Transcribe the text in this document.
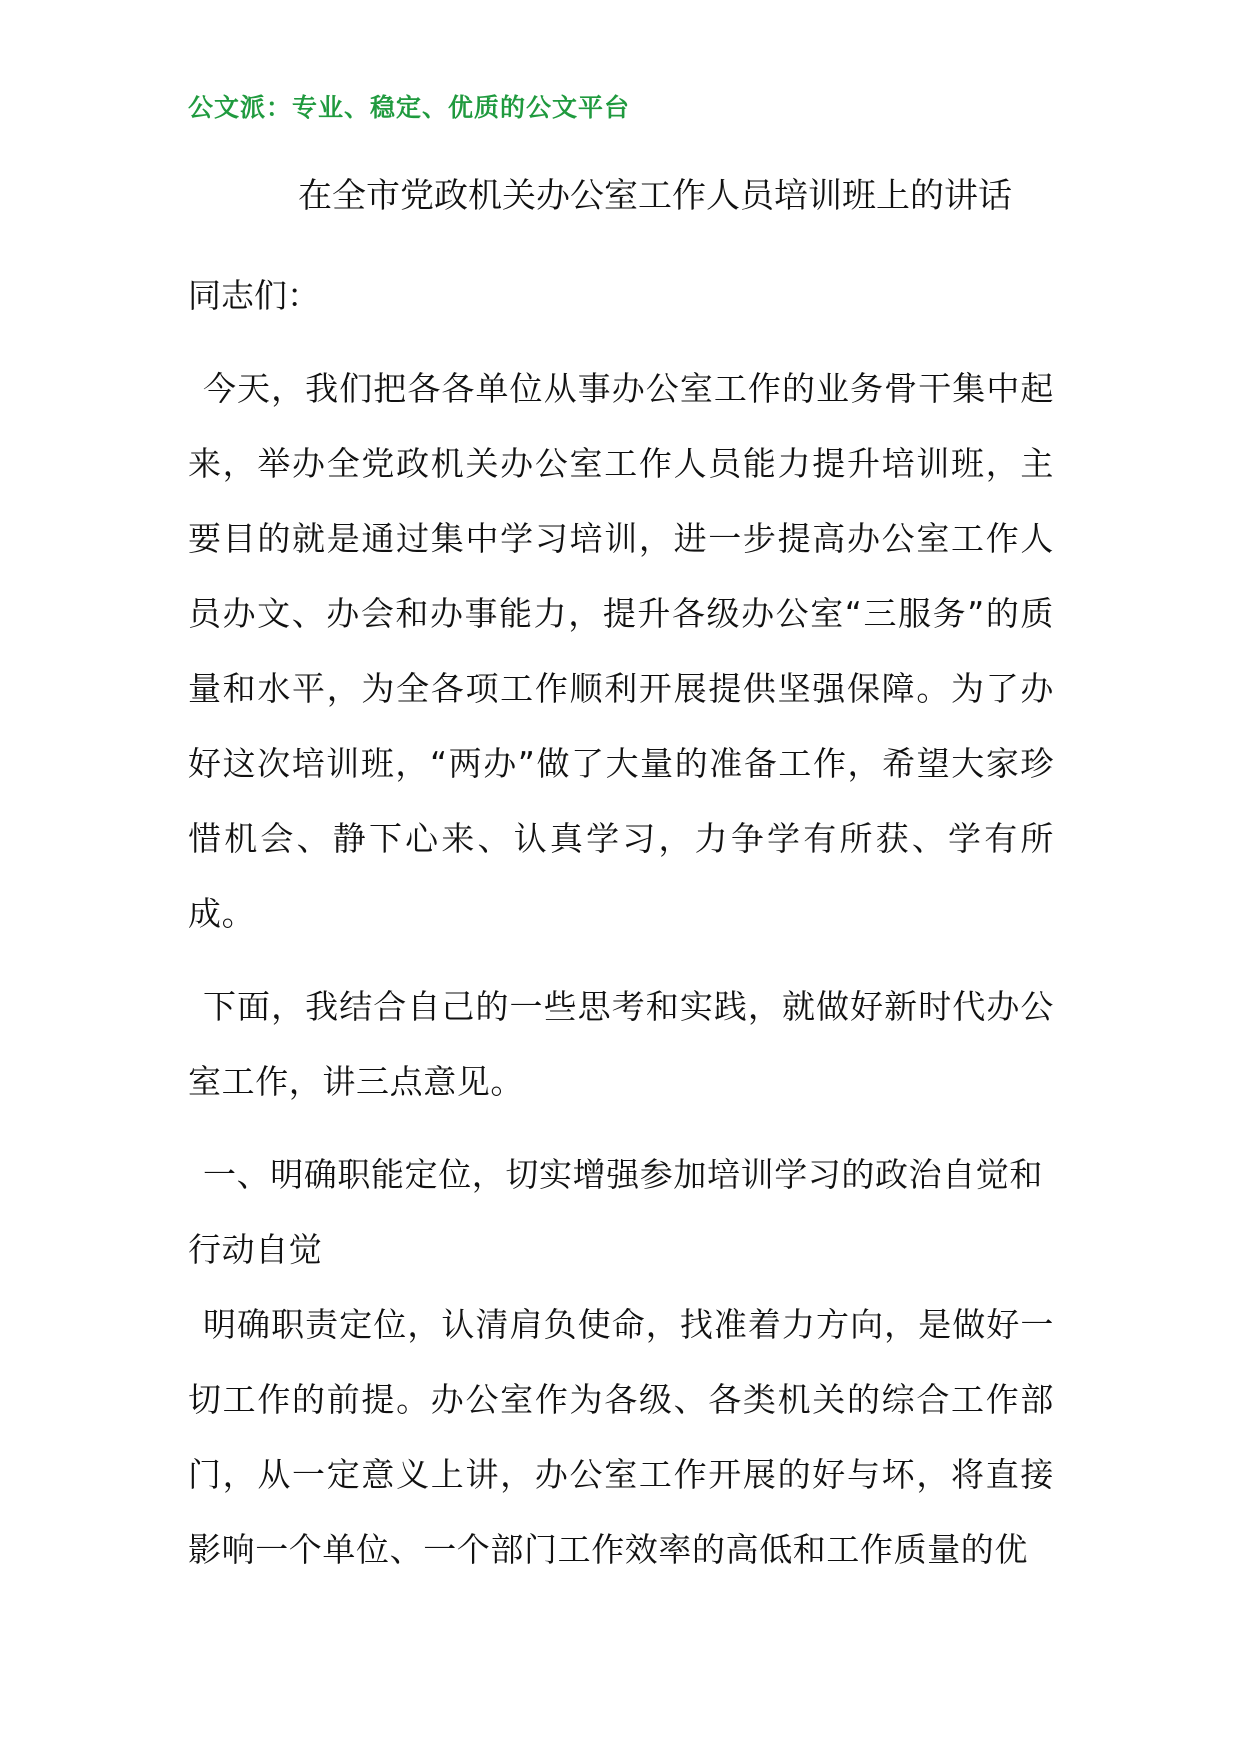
公文派：专业、稳定、优质的公文平台
在全市党政机关办公室工作人员培训班上的讲话

同志们：

今天，我们把各各单位从事办公室工作的业务骨干集中起来，举办全党政机关办公室工作人员能力提升培训班，主要目的就是通过集中学习培训，进一步提高办公室工作人员办文、办会和办事能力，提升各级办公室“三服务”的质量和水平，为全各项工作顺利开展提供坚强保障。为了办好这次培训班，“两办”做了大量的准备工作，希望大家珍惜机会、静下心来、认真学习，力争学有所获、学有所成。

下面，我结合自己的一些思考和实践，就做好新时代办公室工作，讲三点意见。

一、明确职能定位，切实增强参加培训学习的政治自觉和行动自觉

明确职责定位，认清肩负使命，找准着力方向，是做好一切工作的前提。办公室作为各级、各类机关的综合工作部门，从一定意义上讲，办公室工作开展的好与坏，将直接影响一个单位、一个部门工作效率的高低和工作质量的优
